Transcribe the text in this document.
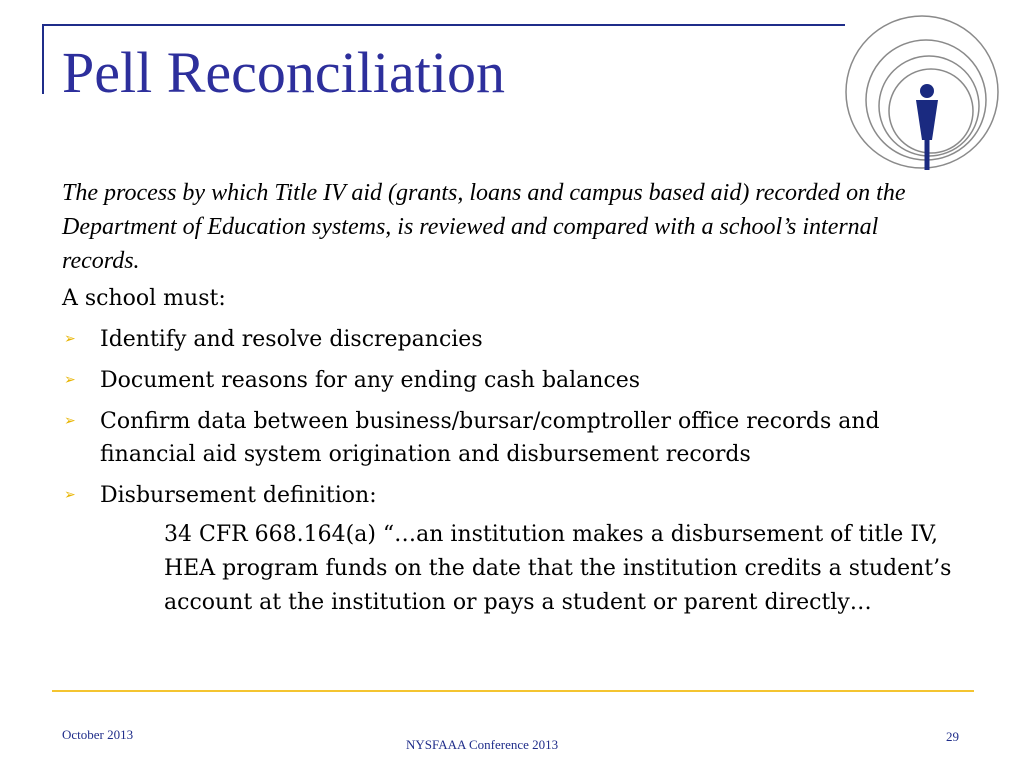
Pell Reconciliation

The process by which Title IV aid (grants, loans and campus based aid) recorded on the Department of Education systems, is reviewed and compared with a school’s internal records.

A school must:

➢ Identify and resolve discrepancies
➢ Document reasons for any ending cash balances
➢ Confirm data between business/bursar/comptroller office records and financial aid system origination and disbursement records
➢ Disbursement definition:

34 CFR 668.164(a) “…an institution makes a disbursement of title IV, HEA program funds on the date that the institution credits a student’s account at the institution or pays a student or parent directly…

October 2013
NYSFAAA Conference 2013
29
